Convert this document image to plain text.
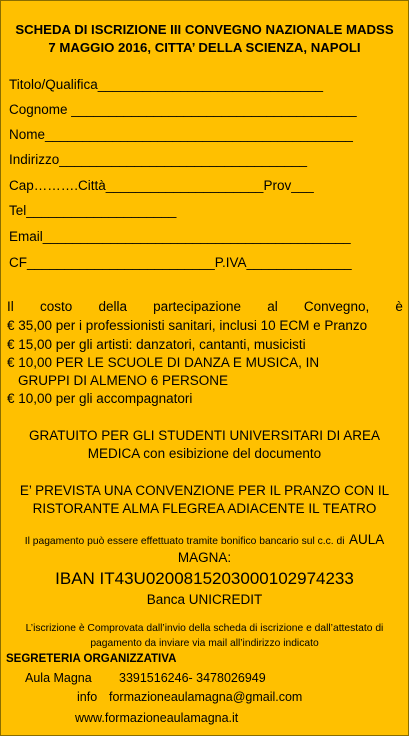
SCHEDA DI ISCRIZIONE III CONVEGNO NAZIONALE MADSS
7 MAGGIO 2016, CITTA’ DELLA SCIENZA, NAPOLI
Titolo/Qualifica______________________________
Cognome ______________________________________
Nome_________________________________________
Indirizzo_________________________________
Cap……….Città_____________________Prov___
Tel____________________
Email_________________________________________
CF_________________________P.IVA______________
Il costo della partecipazione al Convegno, è
€ 35,00 per i professionisti sanitari, inclusi 10 ECM e Pranzo
€ 15,00 per gli artisti: danzatori, cantanti, musicisti
€ 10,00 PER LE SCUOLE DI DANZA E MUSICA, IN
GRUPPI DI ALMENO 6 PERSONE
€ 10,00 per gli accompagnatori
GRATUITO PER GLI STUDENTI UNIVERSITARI DI AREA
MEDICA con esibizione del documento
E’ PREVISTA UNA CONVENZIONE PER IL PRANZO CON IL
RISTORANTE ALMA FLEGREA ADIACENTE IL TEATRO
Il pagamento può essere effettuato tramite bonifico bancario sul c.c. di AULA
MAGNA:
IBAN IT43U0200815203000102974233
Banca UNICREDIT
L’iscrizione è Comprovata dall’invio della scheda di iscrizione e dall’attestato di
pagamento da inviare via mail all’indirizzo indicato
SEGRETERIA ORGANIZZATIVA
Aula Magna 3391516246- 3478026949
info formazioneaulamagna@gmail.com
www.formazioneaulamagna.it
